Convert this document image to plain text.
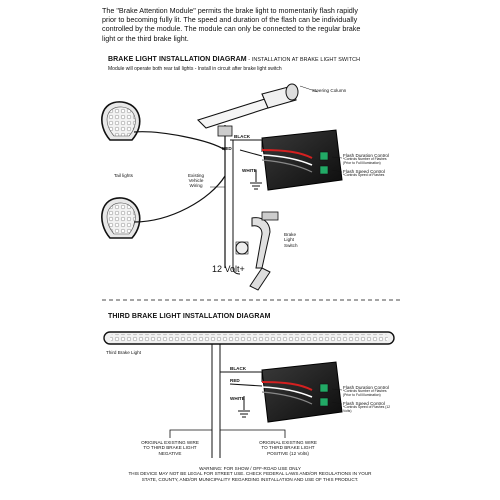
The "Brake Attention Module" permits the brake light to momentarily flash rapidly
prior to becoming fully lit. The speed and duration of the flash can be individually
controlled by the module. The module can only be connected to the regular brake
light or the third brake light.
BRAKE LIGHT INSTALLATION DIAGRAM - INSTALLATION AT BRAKE LIGHT SWITCH
Module will operate both rear tail lights - Install in circuit after brake light switch
Steering Column
BLACK
RED
WHITE
Tail lights	Existing
Vehicle
Wiring
Brake
Light
Switch
12 Volt+
Flash Duration Control
*Controls Number of Flashes
(Prior to Full Illumination)
Flash Speed Control
*Controls Speed of Flashes
THIRD BRAKE LIGHT INSTALLATION DIAGRAM
Third Brake Light
BLACK
RED
WHITE
Flash Duration Control
*Controls Number of Flashes
(Prior to Full Illumination)
Flash Speed Control
*Controls Speed of Flashes (12 Volts)
ORIGINAL EXISTING WIRE
TO THIRD BRAKE LIGHT
NEGATIVE
ORIGINAL EXISTING WIRE
TO THIRD BRAKE LIGHT
POSITIVE (12 Volts)
WARNING: FOR SHOW / OFF-ROAD USE ONLY
THIS DEVICE MAY NOT BE LEGAL FOR STREET USE. CHECK FEDERAL LAWS AND/OR REGULATIONS IN YOUR
STATE, COUNTY, AND/OR MUNICIPALITY REGARDING INSTALLATION AND USE OF THIS PRODUCT.
